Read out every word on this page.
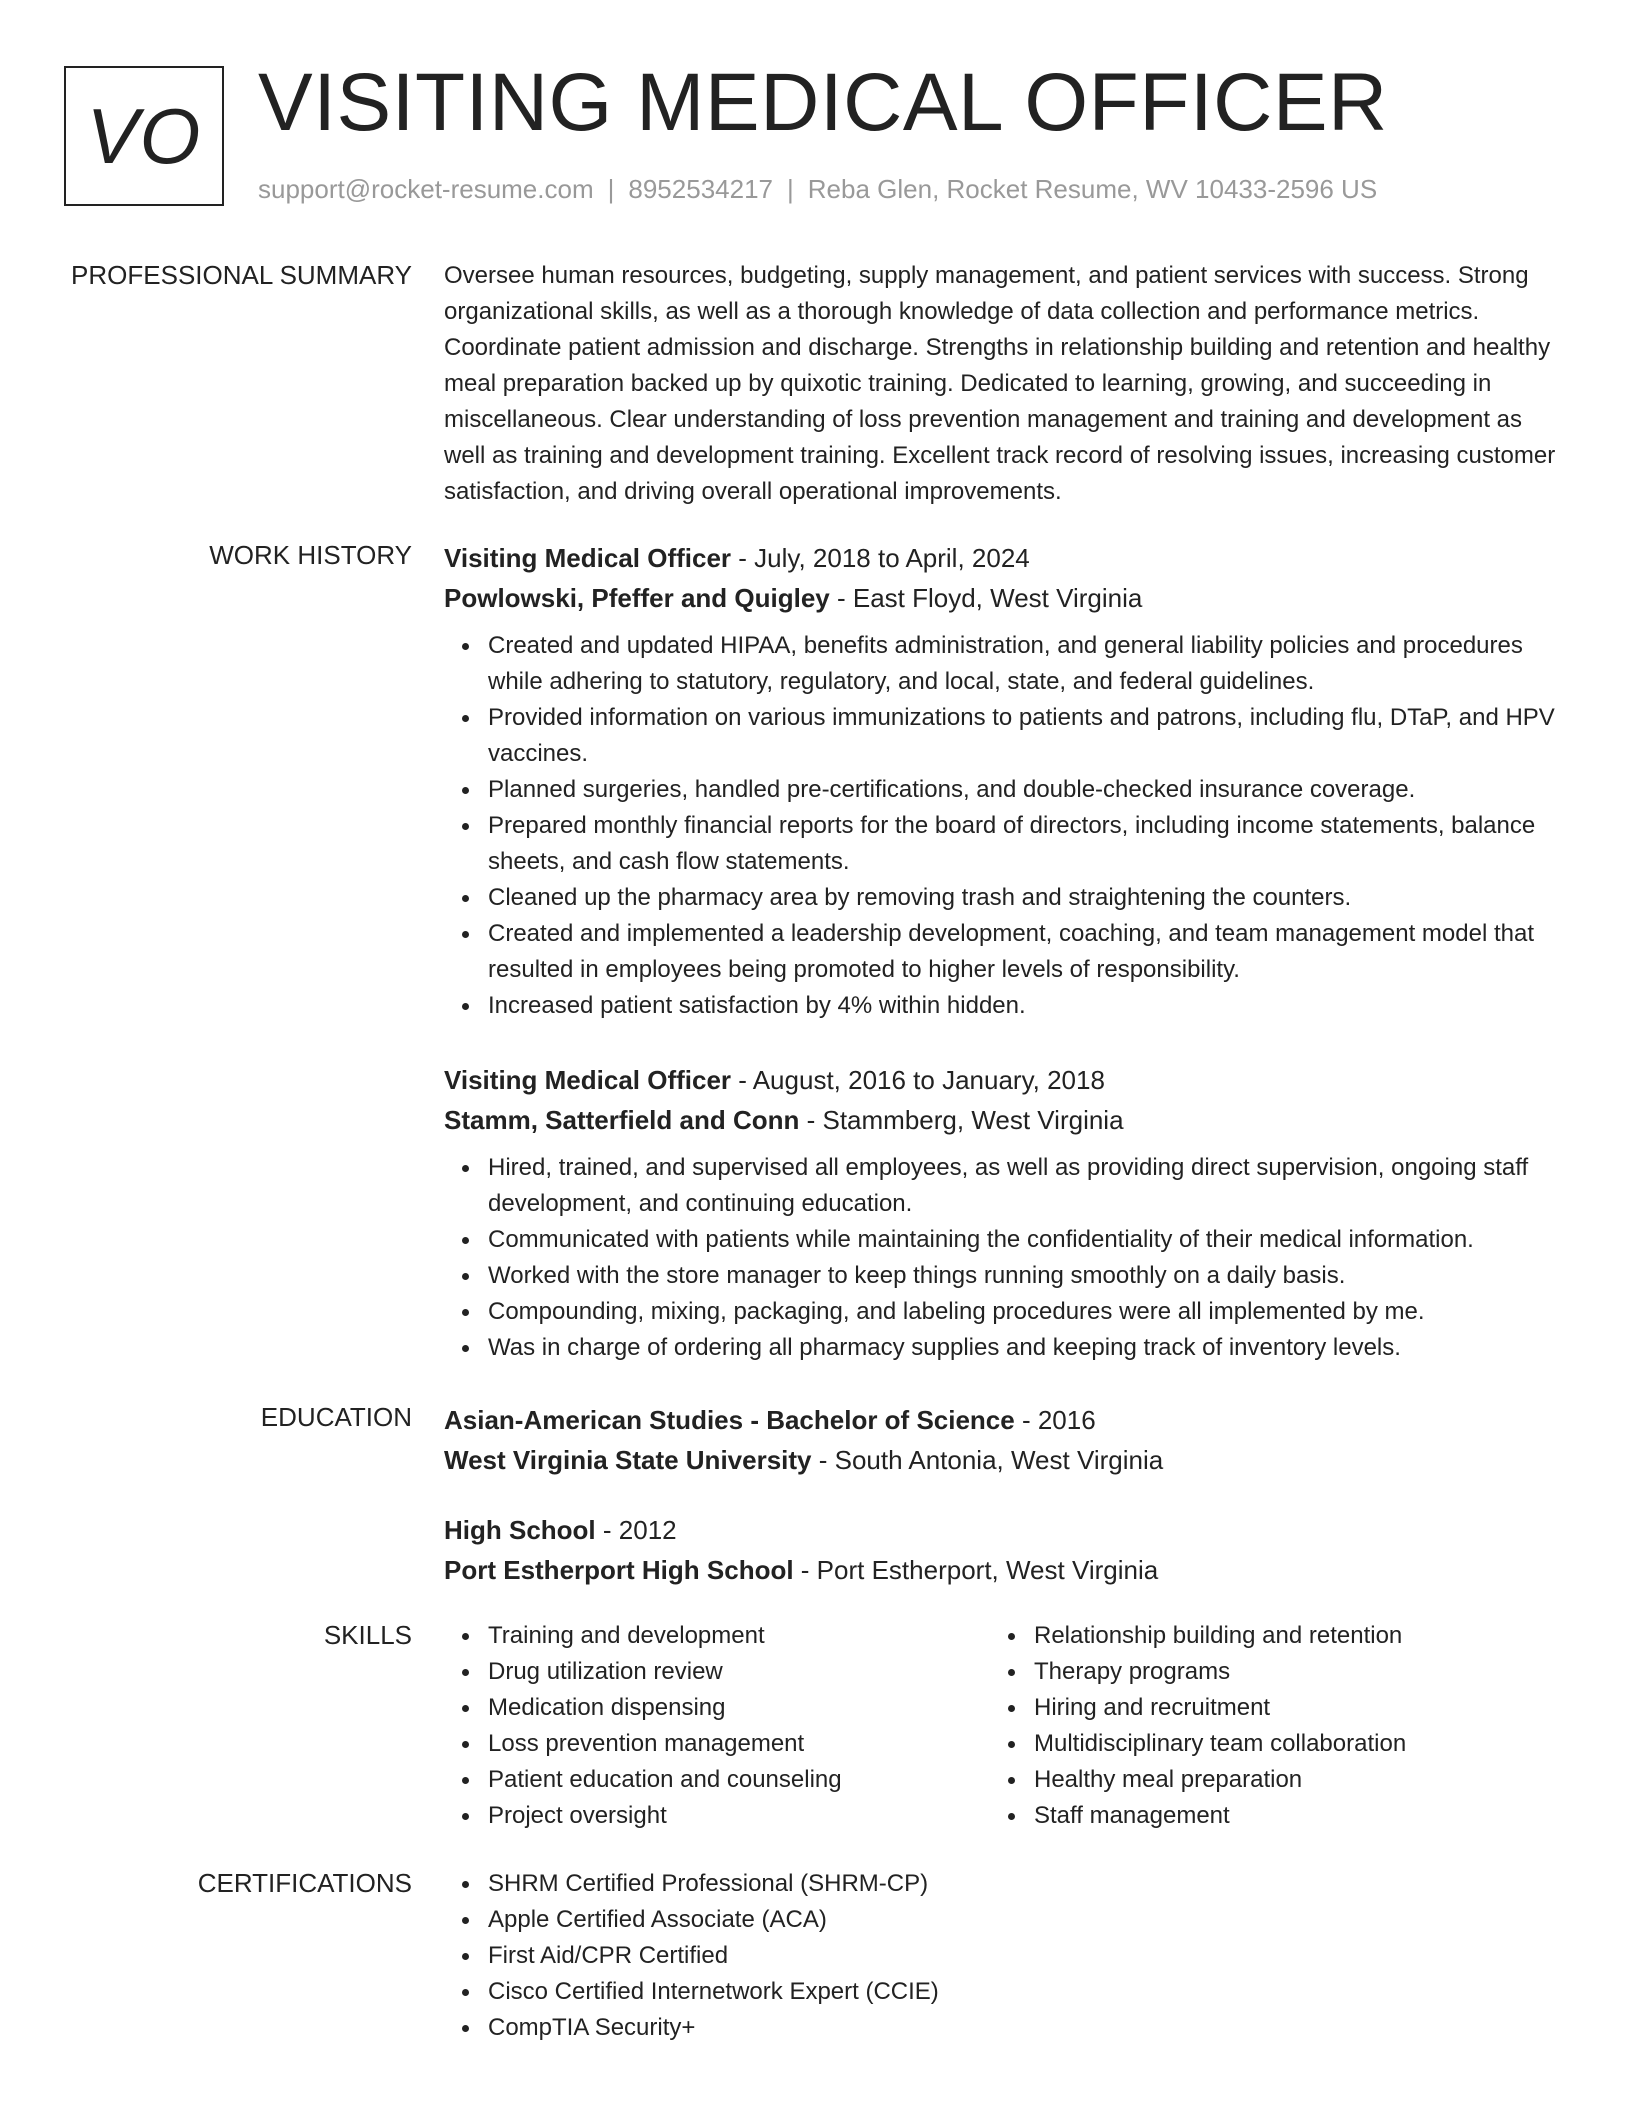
VO VISITING MEDICAL OFFICER

support@rocket-resume.com | 8952534217 | Reba Glen, Rocket Resume, WV 10433-2596 US

PROFESSIONAL SUMMARY Oversee human resources, budgeting, supply management, and patient services with success. Strong organizational skills, as well as a thorough knowledge of data collection and performance metrics. Coordinate patient admission and discharge. Strengths in relationship building and retention and healthy meal preparation backed up by quixotic training. Dedicated to learning, growing, and succeeding in miscellaneous. Clear understanding of loss prevention management and training and development as well as training and development training. Excellent track record of resolving issues, increasing customer satisfaction, and driving overall operational improvements.

WORK HISTORY Visiting Medical Officer - July, 2018 to April, 2024

Powlowski, Pfeffer and Quigley - East Floyd, West Virginia

Created and updated HIPAA, benefits administration, and general liability policies and procedures while adhering to statutory, regulatory, and local, state, and federal guidelines.
Provided information on various immunizations to patients and patrons, including flu, DTaP, and HPV vaccines.
Planned surgeries, handled pre-certifications, and double-checked insurance coverage.
Prepared monthly financial reports for the board of directors, including income statements, balance sheets, and cash flow statements.
Cleaned up the pharmacy area by removing trash and straightening the counters.
Created and implemented a leadership development, coaching, and team management model that resulted in employees being promoted to higher levels of responsibility.
Increased patient satisfaction by 4% within hidden.

Visiting Medical Officer - August, 2016 to January, 2018

Stamm, Satterfield and Conn - Stammberg, West Virginia

Hired, trained, and supervised all employees, as well as providing direct supervision, ongoing staff development, and continuing education.
Communicated with patients while maintaining the confidentiality of their medical information.
Worked with the store manager to keep things running smoothly on a daily basis.
Compounding, mixing, packaging, and labeling procedures were all implemented by me.
Was in charge of ordering all pharmacy supplies and keeping track of inventory levels.
EDUCATION Asian-American Studies - Bachelor of Science - 2016

West Virginia State University - South Antonia, West Virginia

High School - 2012

Port Estherport High School - Port Estherport, West Virginia

SKILLS	Training and development
Drug utilization review
Medication dispensing
Loss prevention management
Patient education and counseling
Project oversight
Relationship building and retention
Therapy programs
Hiring and recruitment
Multidisciplinary team collaboration
Healthy meal preparation
Staff management
CERTIFICATIONS	SHRM Certified Professional (SHRM-CP)
Apple Certified Associate (ACA)
First Aid/CPR Certified
Cisco Certified Internetwork Expert (CCIE)
CompTIA Security+
